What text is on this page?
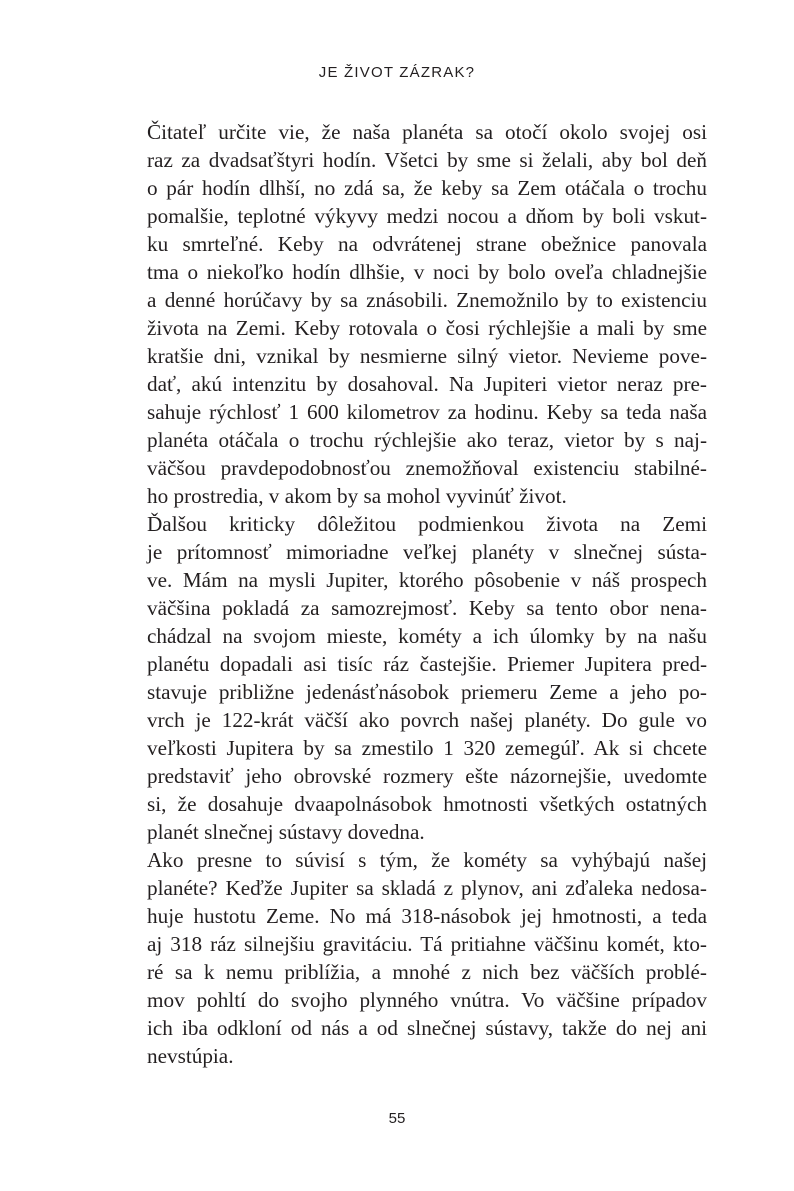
JE ŽIVOT ZÁZRAK?
Čitateľ určite vie, že naša planéta sa otočí okolo svojej osi
raz za dvadsaťštyri hodín. Všetci by sme si želali, aby bol deň
o pár hodín dlhší, no zdá sa, že keby sa Zem otáčala o trochu
pomalšie, teplotné výkyvy medzi nocou a dňom by boli vskut-
ku smrteľné. Keby na odvrátenej strane obežnice panovala
tma o niekoľko hodín dlhšie, v noci by bolo oveľa chladnejšie
a denné horúčavy by sa znásobili. Znemožnilo by to existenciu
života na Zemi. Keby rotovala o čosi rýchlejšie a mali by sme
kratšie dni, vznikal by nesmierne silný vietor. Nevieme pove-
dať, akú intenzitu by dosahoval. Na Jupiteri vietor neraz pre-
sahuje rýchlosť 1 600 kilometrov za hodinu. Keby sa teda naša
planéta otáčala o trochu rýchlejšie ako teraz, vietor by s naj-
väčšou pravdepodobnosťou znemožňoval existenciu stabilné-
ho prostredia, v akom by sa mohol vyvinúť život.
Ďalšou kriticky dôležitou podmienkou života na Zemi
je prítomnosť mimoriadne veľkej planéty v slnečnej sústa-
ve. Mám na mysli Jupiter, ktorého pôsobenie v náš prospech
väčšina pokladá za samozrejmosť. Keby sa tento obor nena-
chádzal na svojom mieste, kométy a ich úlomky by na našu
planétu dopadali asi tisíc ráz častejšie. Priemer Jupitera pred-
stavuje približne jedenásťnásobok priemeru Zeme a jeho po-
vrch je 122-krát väčší ako povrch našej planéty. Do gule vo
veľkosti Jupitera by sa zmestilo 1 320 zemegúľ. Ak si chcete
predstaviť jeho obrovské rozmery ešte názornejšie, uvedomte
si, že dosahuje dvaapolnásobok hmotnosti všetkých ostatných
planét slnečnej sústavy dovedna.
Ako presne to súvisí s tým, že kométy sa vyhýbajú našej
planéte? Keďže Jupiter sa skladá z plynov, ani zďaleka nedosa-
huje hustotu Zeme. No má 318-násobok jej hmotnosti, a teda
aj 318 ráz silnejšiu gravitáciu. Tá pritiahne väčšinu komét, kto-
ré sa k nemu priblížia, a mnohé z nich bez väčších problé-
mov pohltí do svojho plynného vnútra. Vo väčšine prípadov
ich iba odkloní od nás a od slnečnej sústavy, takže do nej ani
nevstúpia.
55
